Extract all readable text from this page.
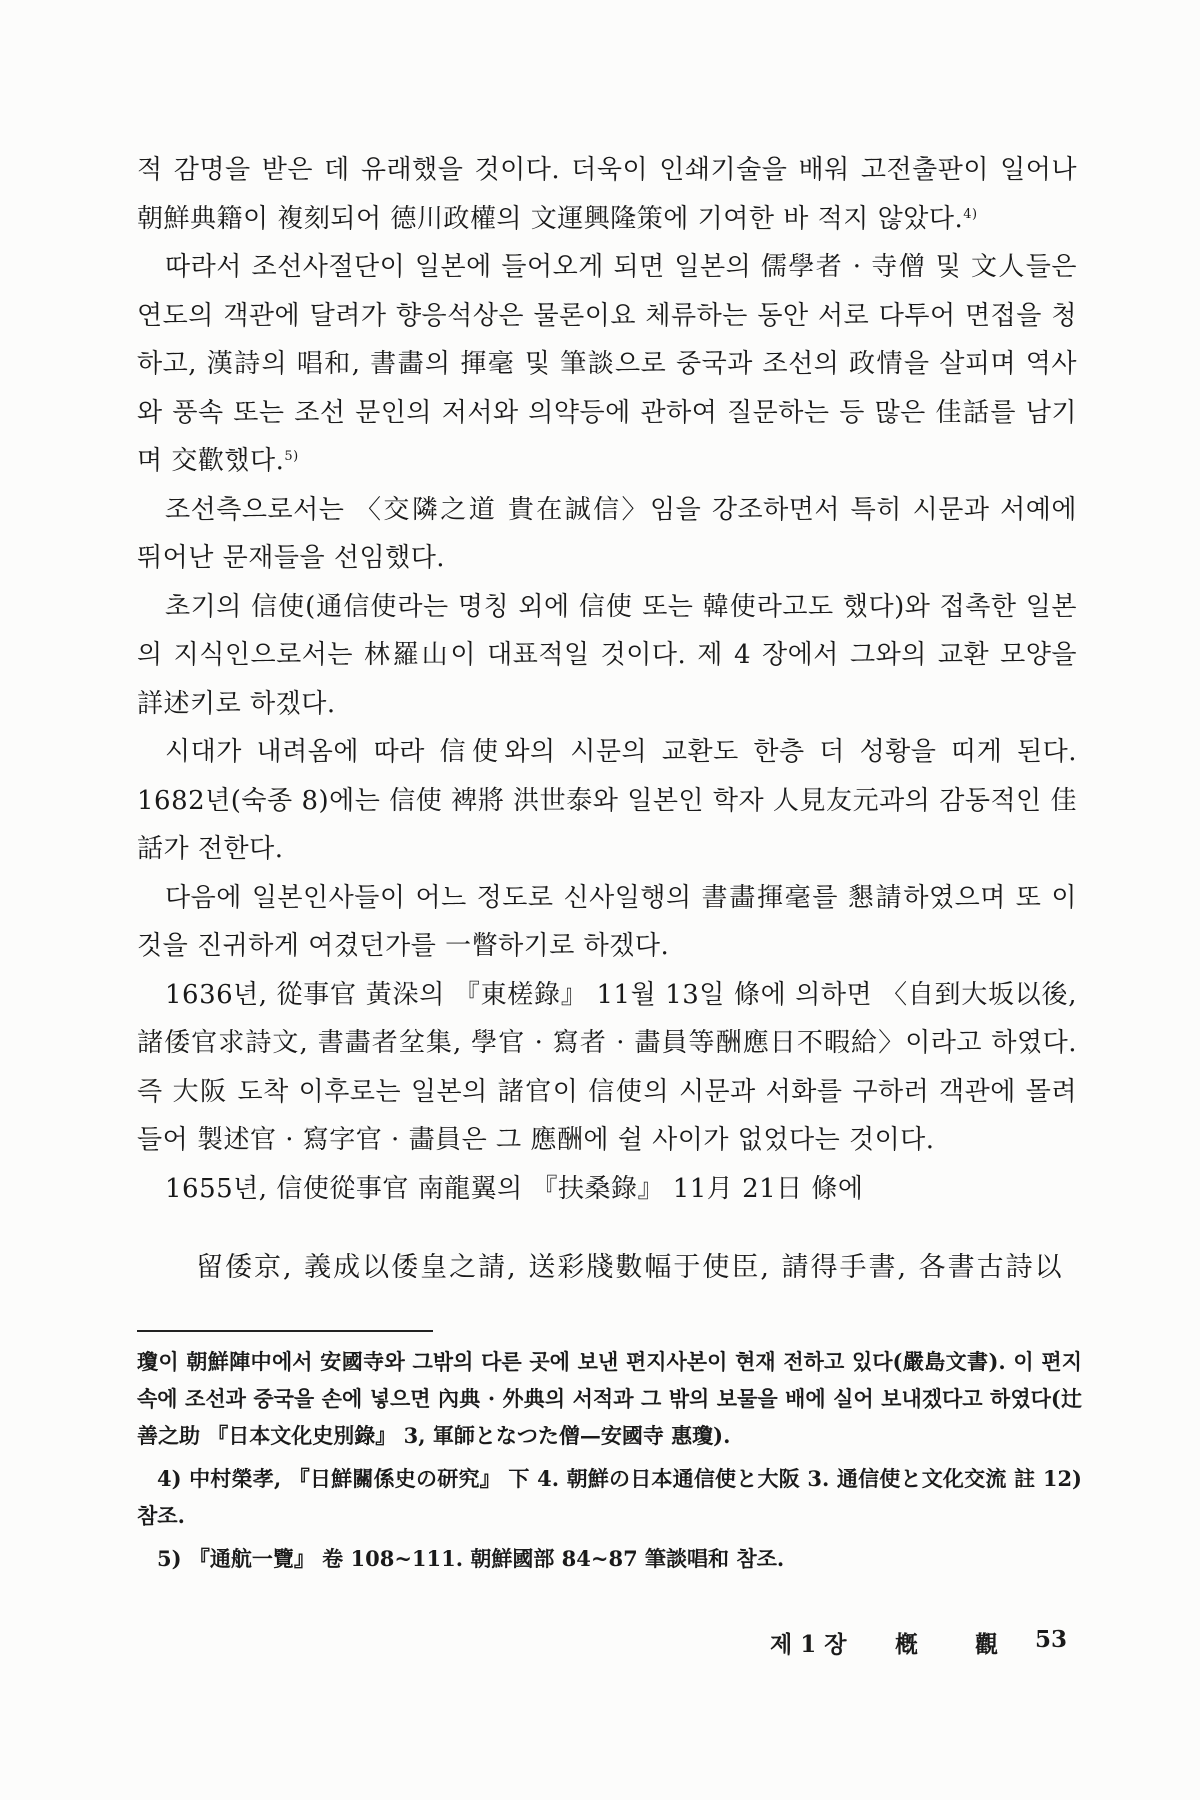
적 감명을 받은 데 유래했을 것이다. 더욱이 인쇄기술을 배워 고전출판이 일어나 朝鮮典籍이 複刻되어 德川政權의 文運興隆策에 기여한 바 적지 않았다.$^{4)}$

따라서 조선사절단이 일본에 들어오게 되면 일본의 儒學者 · 寺僧 및 文人들은 연도의 객관에 달려가 향응석상은 물론이요 체류하는 동안 서로 다투어 면접을 청하고, 漢詩의 唱和, 書畵의 揮毫 및 筆談으로 중국과 조선의 政情을 살피며 역사와 풍속 또는 조선 문인의 저서와 의약등에 관하여 질문하는 등 많은 佳話를 남기며 交歡했다.$^{5)}$

조선측으로서는 〈交隣之道 貴在誠信〉임을 강조하면서 특히 시문과 서예에 뛰어난 문재들을 선임했다.

초기의 信使(通信使라는 명칭 외에 信使 또는 韓使라고도 했다)와 접촉한 일본의 지식인으로서는 林羅山이 대표적일 것이다. 제 4 장에서 그와의 교환 모양을 詳述키로 하겠다.

시대가 내려옴에 따라 信使와의 시문의 교환도 한층 더 성황을 띠게 된다. 1682년(숙종 8)에는 信使 裨將 洪世泰와 일본인 학자 人見友元과의 감동적인 佳話가 전한다.

다음에 일본인사들이 어느 정도로 신사일행의 書畵揮毫를 懇請하였으며 또 이것을 진귀하게 여겼던가를 一瞥하기로 하겠다.

1636년, 從事官 黃𣳼의 『東槎錄』 11월 13일 條에 의하면 〈自到大坂以後, 諸倭官求詩文, 書畵者坌集, 學官 · 寫者 · 畵員等酬應日不暇給〉이라고 하였다. 즉 大阪 도착 이후로는 일본의 諸官이 信使의 시문과 서화를 구하러 객관에 몰려들어 製述官 · 寫字官 · 畵員은 그 應酬에 쉴 사이가 없었다는 것이다.

1655년, 信使從事官 南龍翼의 『扶桑錄』 11月 21日 條에

留倭京, 義成以倭皇之請, 送彩牋數幅于使臣, 請得手書, 各書古詩以

瓊이 朝鮮陣中에서 安國寺와 그밖의 다른 곳에 보낸 편지사본이 현재 전하고 있다(嚴島文書). 이 편지 속에 조선과 중국을 손에 넣으면 內典 · 外典의 서적과 그 밖의 보물을 배에 실어 보내겠다고 하였다(辻善之助 『日本文化史別錄』 3, 軍師となつた僧—安國寺 惠瓊).

4) 中村榮孝, 『日鮮關係史の研究』 下 4. 朝鮮の日本通信使と大阪 3. 通信使と文化交流 註 12) 참조.

5) 『通航一覽』 卷 108~111. 朝鮮國部 84~87 筆談唱和 참조.

제 1 장 槪 觀 53
